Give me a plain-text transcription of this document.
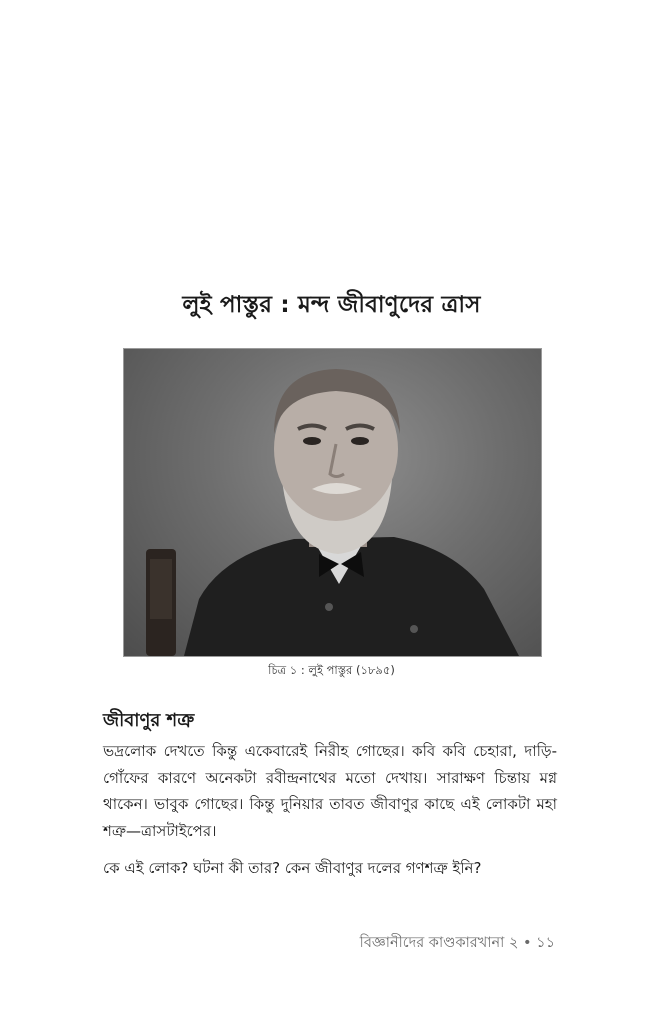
লুই পাস্তুর : মন্দ জীবাণুদের ত্রাস
চিত্র ১ : লুই পাস্তুর (১৮৯৫)
জীবাণুর শত্রু

ভদ্রলোক দেখতে কিন্তু একেবারেই নিরীহ গোছের। কবি কবি চেহারা, দাড়ি-গোঁফের কারণে অনেকটা রবীন্দ্রনাথের মতো দেখায়। সারাক্ষণ চিন্তায় মগ্ন থাকেন। ভাবুক গোছের। কিন্তু দুনিয়ার তাবত জীবাণুর কাছে এই লোকটা মহা শত্রু—ত্রাসটাইপের।

কে এই লোক? ঘটনা কী তার? কেন জীবাণুর দলের গণশত্রু ইনি?

বিজ্ঞানীদের কাণ্ডকারখানা ২ • ১১
